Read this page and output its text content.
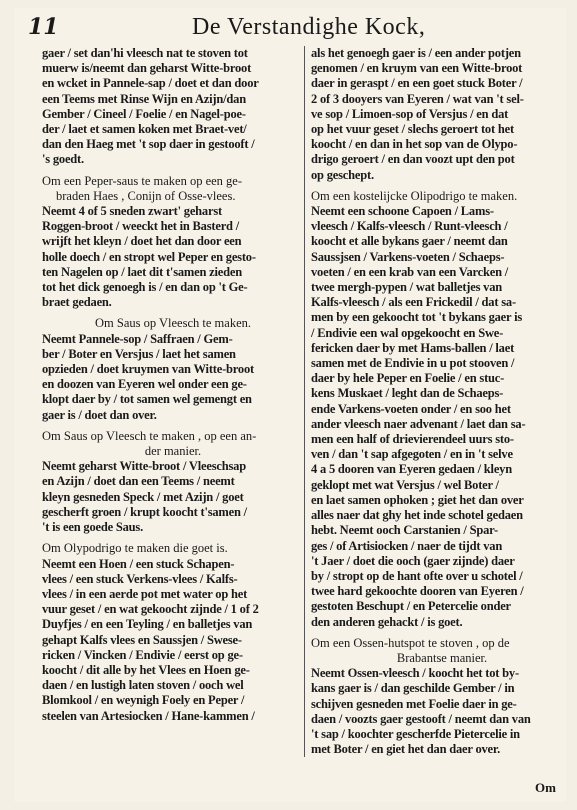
11	De Verstandighe Kock,
gaer / set dan'hi vleesch nat te stoven tot
muerw is/neemt dan geharst Witte-broot
en wcket in Pannele-sap / doet et dan door
een Teems met Rinse Wijn en Azijn/dan
Gember / Cineel / Foelie / en Nagel-poe-
der / laet et samen koken met Braet-vet/
dan den Haeg met 't sop daer in gestooft /
's goedt.
Om een Peper-saus te maken op een ge-
braden Haes , Conijn of Osse-vlees.
Neemt 4 of 5 sneden zwart' geharst
Roggen-broot / weeckt het in Basterd /
wrijft het kleyn / doet het dan door een
holle doech / en stropt wel Peper en gesto-
ten Nagelen op / laet dit t'samen zieden
tot het dick genoegh is / en dan op 't Ge-
braet gedaen.
Om Saus op Vleesch te maken.
Neemt Pannele-sop / Saffraen / Gem-
ber / Boter en Versjus / laet het samen
opzieden / doet kruymen van Witte-broot
en doozen van Eyeren wel onder een ge-
klopt daer by / tot samen wel gemengt en
gaer is / doet dan over.
Om Saus op Vleesch te maken , op een an-
der manier.
Neemt geharst Witte-broot / Vleeschsap
en Azijn / doet dan een Teems / neemt
kleyn gesneden Speck / met Azijn / goet
gescherft groen / krupt koocht t'samen /
't is een goede Saus.
Om Olypodrigo te maken die goet is.
Neemt een Hoen / een stuck Schapen-
vlees / een stuck Verkens-vlees / Kalfs-
vlees / in een aerde pot met water op het
vuur geset / en wat gekoocht zijnde / 1 of 2
Duyfjes / en een Teyling / en balletjes van
gehapt Kalfs vlees en Saussjen / Swese-
ricken / Vincken / Endivie / eerst op ge-
koocht / dit alle by het Vlees en Hoen ge-
daen / en lustigh laten stoven / ooch wel
Blomkool / en weynigh Foely en Peper /
steelen van Artesiocken / Hane-kammen /
als het genoegh gaer is / een ander potjen
genomen / en kruym van een Witte-broot
daer in geraspt / en een goet stuck Boter /
2 of 3 dooyers van Eyeren / wat van 't sel-
ve sop / Limoen-sop of Versjus / en dat
op het vuur geset / slechs geroert tot het
koocht / en dan in het sop van de Olypo-
drigo geroert / en dan voozt upt den pot
op geschept.
Om een kostelijcke Olipodrigo te maken.
Neemt een schoone Capoen / Lams-
vleesch / Kalfs-vleesch / Runt-vleesch /
koocht et alle bykans gaer / neemt dan
Saussjsen / Varkens-voeten / Schaeps-
voeten / en een krab van een Varcken /
twee mergh-pypen / wat balletjes van
Kalfs-vleesch / als een Frickedil / dat sa-
men by een gekoocht tot 't bykans gaer is
/ Endivie een wal opgekoocht en Swe-
fericken daer by met Hams-ballen / laet
samen met de Endivie in u pot stooven /
daer by hele Peper en Foelie / en stuc-
kens Muskaet / leght dan de Schaeps-
ende Varkens-voeten onder / en soo het
ander vleesch naer advenant / laet dan sa-
men een half of drievierendeel uurs sto-
ven / dan 't sap afgegoten / en in 't selve
4 a 5 dooren van Eyeren gedaen / kleyn
geklopt met wat Versjus / wel Boter /
en laet samen ophoken ; giet het dan over
alles naer dat ghy het inde schotel gedaen
hebt. Neemt ooch Carstanien / Spar-
ges / of Artisiocken / naer de tijdt van
't Jaer / doet die ooch (gaer zijnde) daer
by / stropt op de hant ofte over u schotel /
twee hard gekoochte dooren van Eyeren /
gestoten Beschupt / en Petercelie onder
den anderen gehackt / is goet.
Om een Ossen-hutspot te stoven , op de
Brabantse manier.
Neemt Ossen-vleesch / koocht het tot by-
kans gaer is / dan geschilde Gember / in
schijven gesneden met Foelie daer in ge-
daen / voozts gaer gestooft / neemt dan van
't sap / koochter gescherfde Pietercelie in
met Boter / en giet het dan daer over.
Om
